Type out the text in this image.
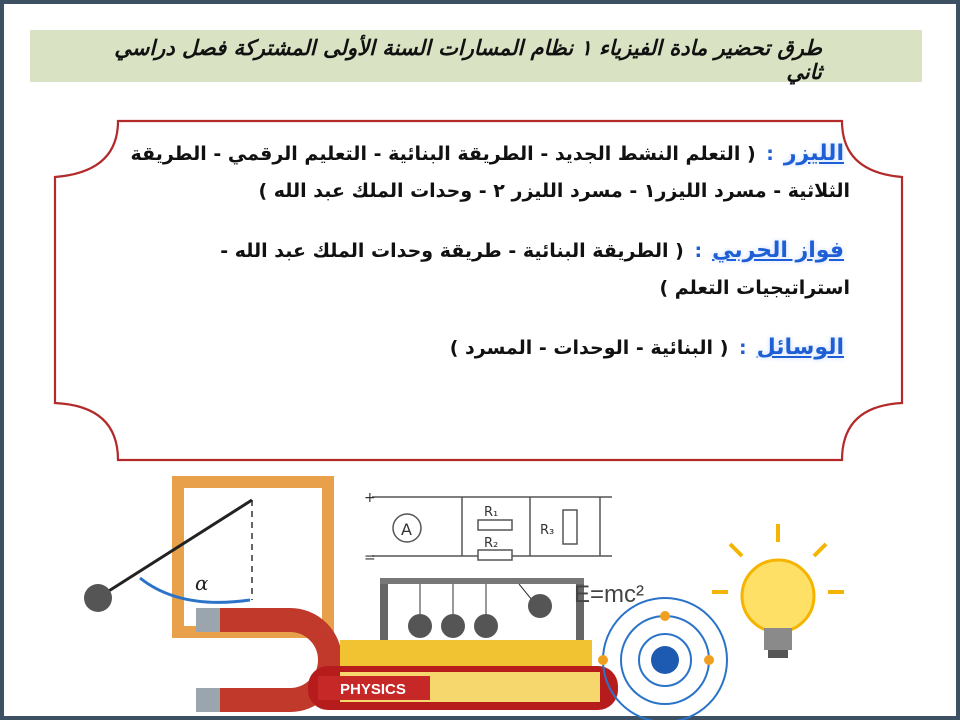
طرق تحضير مادة الفيزياء ١ نظام المسارات السنة الأولى المشتركة فصل دراسي ثاني

الليزر: ( التعلم النشط الجديد - الطريقة البنائية - التعليم الرقمي - الطريقة الثلاثية - مسرد الليزر١ - مسرد الليزر ٢ - وحدات الملك عبد الله )

فواز الحربي: ( الطريقة البنائية - طريقة وحدات الملك عبد الله - استراتيجيات التعلم )

الوسائل: ( البنائية - الوحدات - المسرد )

α
A
R₁
R₂
R₃
+
=
E=mc²
PHYSICS
